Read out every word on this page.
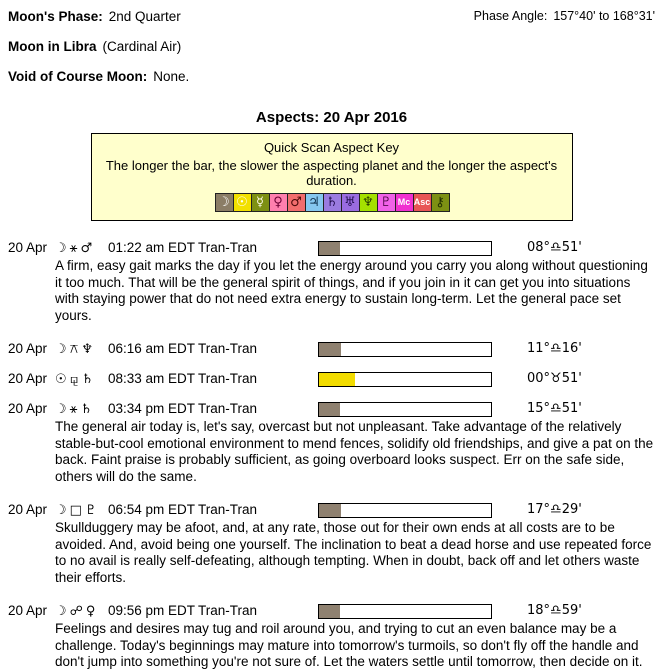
Moon's Phase: 2nd Quarter	Phase Angle: 157°40' to 168°31'
Moon in Libra (Cardinal Air)
Void of Course Moon: None.
Aspects: 20 Apr 2016
Quick Scan Aspect Key
The longer the bar, the slower the aspecting planet and the longer the aspect's duration.
☽ ☉ ☿ ♀ ♂ ♃ ♄ ♅ ♆ ♇ Mc Asc ⚷
20 Apr ☽ ⚹ ♂ 01:22 am EDT Tran-Tran	08°♎51'
A firm, easy gait marks the day if you let the energy around you carry you along without questioning it too much. That will be the general spirit of things, and if you join in it can get you into situations with staying power that do not need extra energy to sustain long-term. Let the general pace set yours.
20 Apr ☽ ⚻ ♆ 06:16 am EDT Tran-Tran	11°♎16'
20 Apr ☉ ⚼ ♄ 08:33 am EDT Tran-Tran	00°♉51'
20 Apr ☽ ⚹ ♄ 03:34 pm EDT Tran-Tran	15°♎51'
The general air today is, let's say, overcast but not unpleasant. Take advantage of the relatively stable-but-cool emotional environment to mend fences, solidify old friendships, and give a pat on the back. Faint praise is probably sufficient, as going overboard looks suspect. Err on the safe side, others will do the same.
20 Apr ☽ □ ♇ 06:54 pm EDT Tran-Tran	17°♎29'
Skullduggery may be afoot, and, at any rate, those out for their own ends at all costs are to be avoided. And, avoid being one yourself. The inclination to beat a dead horse and use repeated force to no avail is really self-defeating, although tempting. When in doubt, back off and let others waste their efforts.
20 Apr ☽ ☍ ♀ 09:56 pm EDT Tran-Tran	18°♎59'
Feelings and desires may tug and roil around you, and trying to cut an even balance may be a challenge. Today's beginnings may mature into tomorrow's turmoils, so don't fly off the handle and don't jump into something you're not sure of. Let the waters settle until tomorrow, then decide on it.
